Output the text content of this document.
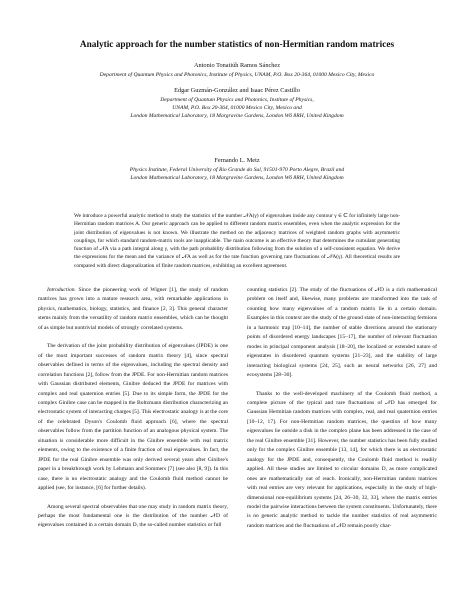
Analytic approach for the number statistics of non-Hermitian random matrices
Antonio Tonatiúh Ramos Sánchez
Department of Quantum Physics and Photonics, Institute of Physics, UNAM, P.O. Box 20-364, 01000 Mexico City, Mexico
Edgar Guzmán-González and Isaac Pérez Castillo
Department of Quantum Physics and Photonics, Institute of Physics,
UNAM, P.O. Box 20-364, 01000 Mexico City, Mexico and
London Mathematical Laboratory, 18 Margravine Gardens, London W6 8RH, United Kingdom
Fernando L. Metz
Physics Institute, Federal University of Rio Grande do Sul, 91501-970 Porto Alegre, Brazil and
London Mathematical Laboratory, 18 Margravine Gardens, London W6 8RH, United Kingdom
We introduce a powerful analytic method to study the statistics of the number 𝒩A(γ) of eigenvalues inside any contour γ ∈ ℂ for infinitely large non-Hermitian random matrices A. Our generic approach can be applied to different random matrix ensembles, even when the analytic expression for the joint distribution of eigenvalues is not known. We illustrate the method on the adjacency matrices of weighted random graphs with asymmetric couplings, for which standard random-matrix tools are inapplicable. The main outcome is an effective theory that determines the cumulant generating function of 𝒩A via a path integral along γ, with the path probability distribution following from the solution of a self-consistent equation. We derive the expressions for the mean and the variance of 𝒩A as well as for the rate function governing rare fluctuations of 𝒩A(γ). All theoretical results are compared with direct diagonalization of finite random matrices, exhibiting an excellent agreement.

Introduction. Since the pioneering work of Wigner [1], the study of random matrices has grown into a mature research area, with remarkable applications in physics, mathematics, biology, statistics, and finance [2, 3]. This general character stems mainly from the versatility of random matrix ensembles, which can be thought of as simple but nontrivial models of strongly correlated systems.

The derivation of the joint probability distribution of eigenvalues (JPDE) is one of the most important successes of random matrix theory [4], since spectral observables defined in terms of the eigenvalues, including the spectral density and correlation functions [2], follow from the JPDE. For non-Hermitian random matrices with Gaussian distributed elements, Ginibre deduced the JPDE for matrices with complex and real quaternion entries [5]. Due to its simple form, the JPDE for the complex Ginibre case can be mapped in the Boltzmann distribution characterizing an electrostatic system of interacting charges [5]. This electrostatic analogy is at the core of the celebrated Dyson's Coulomb fluid approach [6], where the spectral observables follow from the partition function of an analogous physical system. The situation is considerable more difficult in the Ginibre ensemble with real matrix elements, owing to the existence of a finite fraction of real eigenvalues. In fact, the JPDE for the real Ginibre ensemble was only derived several years after Ginibre's paper in a breakthrough work by Lehmann and Sommers [7] (see also [8, 9]). In this case, there is no electrostatic analogy and the Coulomb fluid method cannot be applied (see, for instance, [6] for further details).

Among several spectral observables that one may study in random matrix theory, perhaps the most fundamental one is the distribution of the number 𝒩D of eigenvalues contained in a certain domain D, the so-called number statistics or full

counting statistics [2]. The study of the fluctuations of 𝒩D is a rich mathematical problem on itself and, likewise, many problems are transformed into the task of counting how many eigenvalues of a random matrix lie in a certain domain. Examples in this context are the study of the ground state of non-interacting fermions in a harmonic trap [10–14], the number of stable directions around the stationary points of disordered energy landscapes [15–17], the number of relevant fluctuation modes in principal component analysis [18–20], the localized or extended nature of eigenstates in disordered quantum systems [21–23], and the stability of large interacting biological systems [24, 25], such as neural networks [26, 27] and ecosystems [28–30].

Thanks to the well-developed machinery of the Coulomb fluid method, a complete picture of the typical and rare fluctuations of 𝒩D has emerged for Gaussian Hermitian random matrices with complex, real, and real quaternion entries [10–12, 17]. For non-Hermitian random matrices, the question of how many eigenvalues lie outside a disk in the complex plane has been addressed in the case of the real Ginibre ensemble [31]. However, the number statistics has been fully studied only for the complex Ginibre ensemble [13, 14], for which there is an electrostatic analogy for the JPDE and, consequently, the Coulomb fluid method is readily applied. All these studies are limited to circular domains D, as more complicated ones are mathematically out of reach. Ironically, non-Hermitian random matrices with real entries are very relevant for applications, especially in the study of high-dimensional non-equilibrium systems [24, 26–30, 32, 33], where the matrix entries model the pairwise interactions between the system constituents. Unfortunately, there is no generic analytic method to tackle the number statistics of real asymmetric random matrices and the fluctuations of 𝒩D remain poorly char-
